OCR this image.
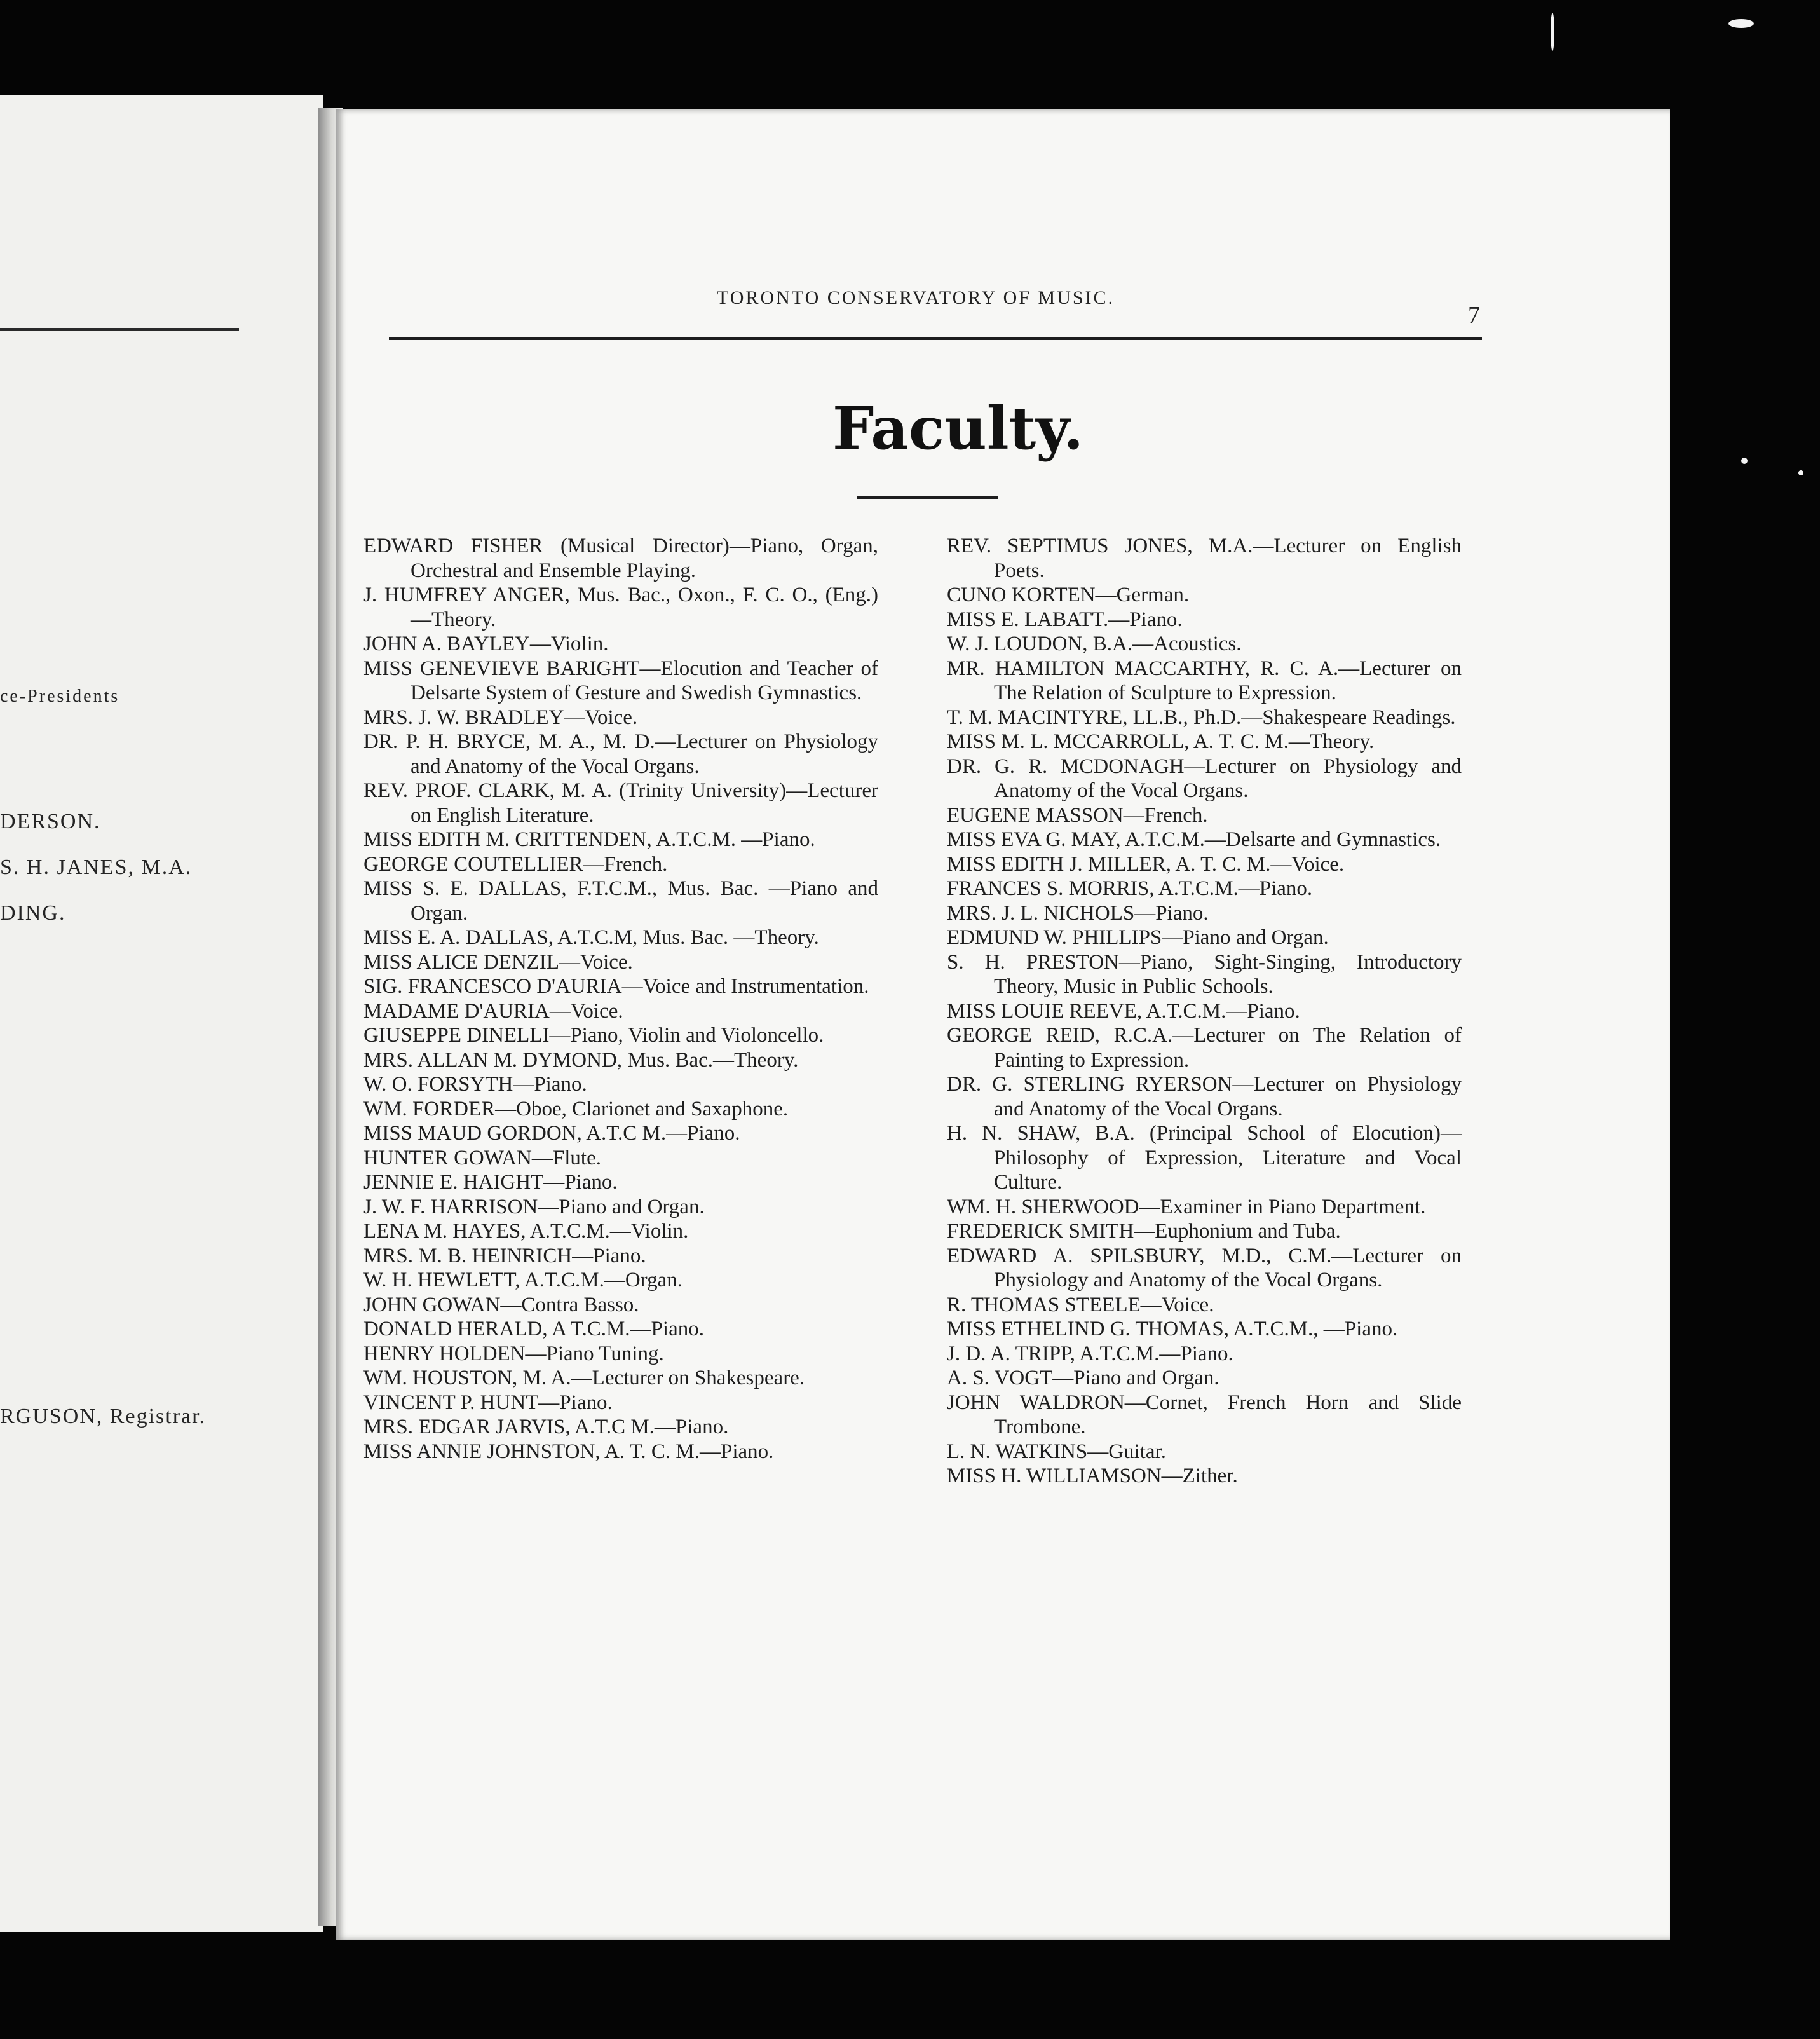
ce-Presidents
DERSON.
S. H. JANES, M.A.
DING.
RGUSON, Registrar.
TORONTO CONSERVATORY OF MUSIC.
7
Faculty.

EDWARD FISHER (Musical Director)—Piano, Organ, Orchestral and Ensemble Playing.

J. HUMFREY ANGER, Mus. Bac., Oxon., F. C. O., (Eng.)—Theory.

JOHN A. BAYLEY—Violin.

MISS GENEVIEVE BARIGHT—Elocution and Teacher of Delsarte System of Gesture and Swedish Gymnastics.

MRS. J. W. BRADLEY—Voice.

DR. P. H. BRYCE, M. A., M. D.—Lecturer on Physiology and Anatomy of the Vocal Organs.

REV. PROF. CLARK, M. A. (Trinity University)—Lecturer on English Literature.

MISS EDITH M. CRITTENDEN, A.T.C.M. —Piano.

GEORGE COUTELLIER—French.

MISS S. E. DALLAS, F.T.C.M., Mus. Bac. —Piano and Organ.

MISS E. A. DALLAS, A.T.C.M, Mus. Bac. —Theory.

MISS ALICE DENZIL—Voice.

SIG. FRANCESCO D'AURIA—Voice and Instrumentation.

MADAME D'AURIA—Voice.

GIUSEPPE DINELLI—Piano, Violin and Violoncello.

MRS. ALLAN M. DYMOND, Mus. Bac.—Theory.

W. O. FORSYTH—Piano.

WM. FORDER—Oboe, Clarionet and Saxaphone.

MISS MAUD GORDON, A.T.C M.—Piano.

HUNTER GOWAN—Flute.

JENNIE E. HAIGHT—Piano.

J. W. F. HARRISON—Piano and Organ.

LENA M. HAYES, A.T.C.M.—Violin.

MRS. M. B. HEINRICH—Piano.

W. H. HEWLETT, A.T.C.M.—Organ.

JOHN GOWAN—Contra Basso.

DONALD HERALD, A T.C.M.—Piano.

HENRY HOLDEN—Piano Tuning.

WM. HOUSTON, M. A.—Lecturer on Shakespeare.

VINCENT P. HUNT—Piano.

MRS. EDGAR JARVIS, A.T.C M.—Piano.

MISS ANNIE JOHNSTON, A. T. C. M.—Piano.

REV. SEPTIMUS JONES, M.A.—Lecturer on English Poets.

CUNO KORTEN—German.

MISS E. LABATT.—Piano.

W. J. LOUDON, B.A.—Acoustics.

MR. HAMILTON MACCARTHY, R. C. A.—Lecturer on The Relation of Sculpture to Expression.

T. M. MACINTYRE, LL.B., Ph.D.—Shakespeare Readings.

MISS M. L. MCCARROLL, A. T. C. M.—Theory.

DR. G. R. MCDONAGH—Lecturer on Physiology and Anatomy of the Vocal Organs.

EUGENE MASSON—French.

MISS EVA G. MAY, A.T.C.M.—Delsarte and Gymnastics.

MISS EDITH J. MILLER, A. T. C. M.—Voice.

FRANCES S. MORRIS, A.T.C.M.—Piano.

MRS. J. L. NICHOLS—Piano.

EDMUND W. PHILLIPS—Piano and Organ.

S. H. PRESTON—Piano, Sight-Singing, Introductory Theory, Music in Public Schools.

MISS LOUIE REEVE, A.T.C.M.—Piano.

GEORGE REID, R.C.A.—Lecturer on The Relation of Painting to Expression.

DR. G. STERLING RYERSON—Lecturer on Physiology and Anatomy of the Vocal Organs.

H. N. SHAW, B.A. (Principal School of Elocution)—Philosophy of Expression, Literature and Vocal Culture.

WM. H. SHERWOOD—Examiner in Piano Department.

FREDERICK SMITH—Euphonium and Tuba.

EDWARD A. SPILSBURY, M.D., C.M.—Lecturer on Physiology and Anatomy of the Vocal Organs.

R. THOMAS STEELE—Voice.

MISS ETHELIND G. THOMAS, A.T.C.M., —Piano.

J. D. A. TRIPP, A.T.C.M.—Piano.

A. S. VOGT—Piano and Organ.

JOHN WALDRON—Cornet, French Horn and Slide Trombone.

L. N. WATKINS—Guitar.

MISS H. WILLIAMSON—Zither.
